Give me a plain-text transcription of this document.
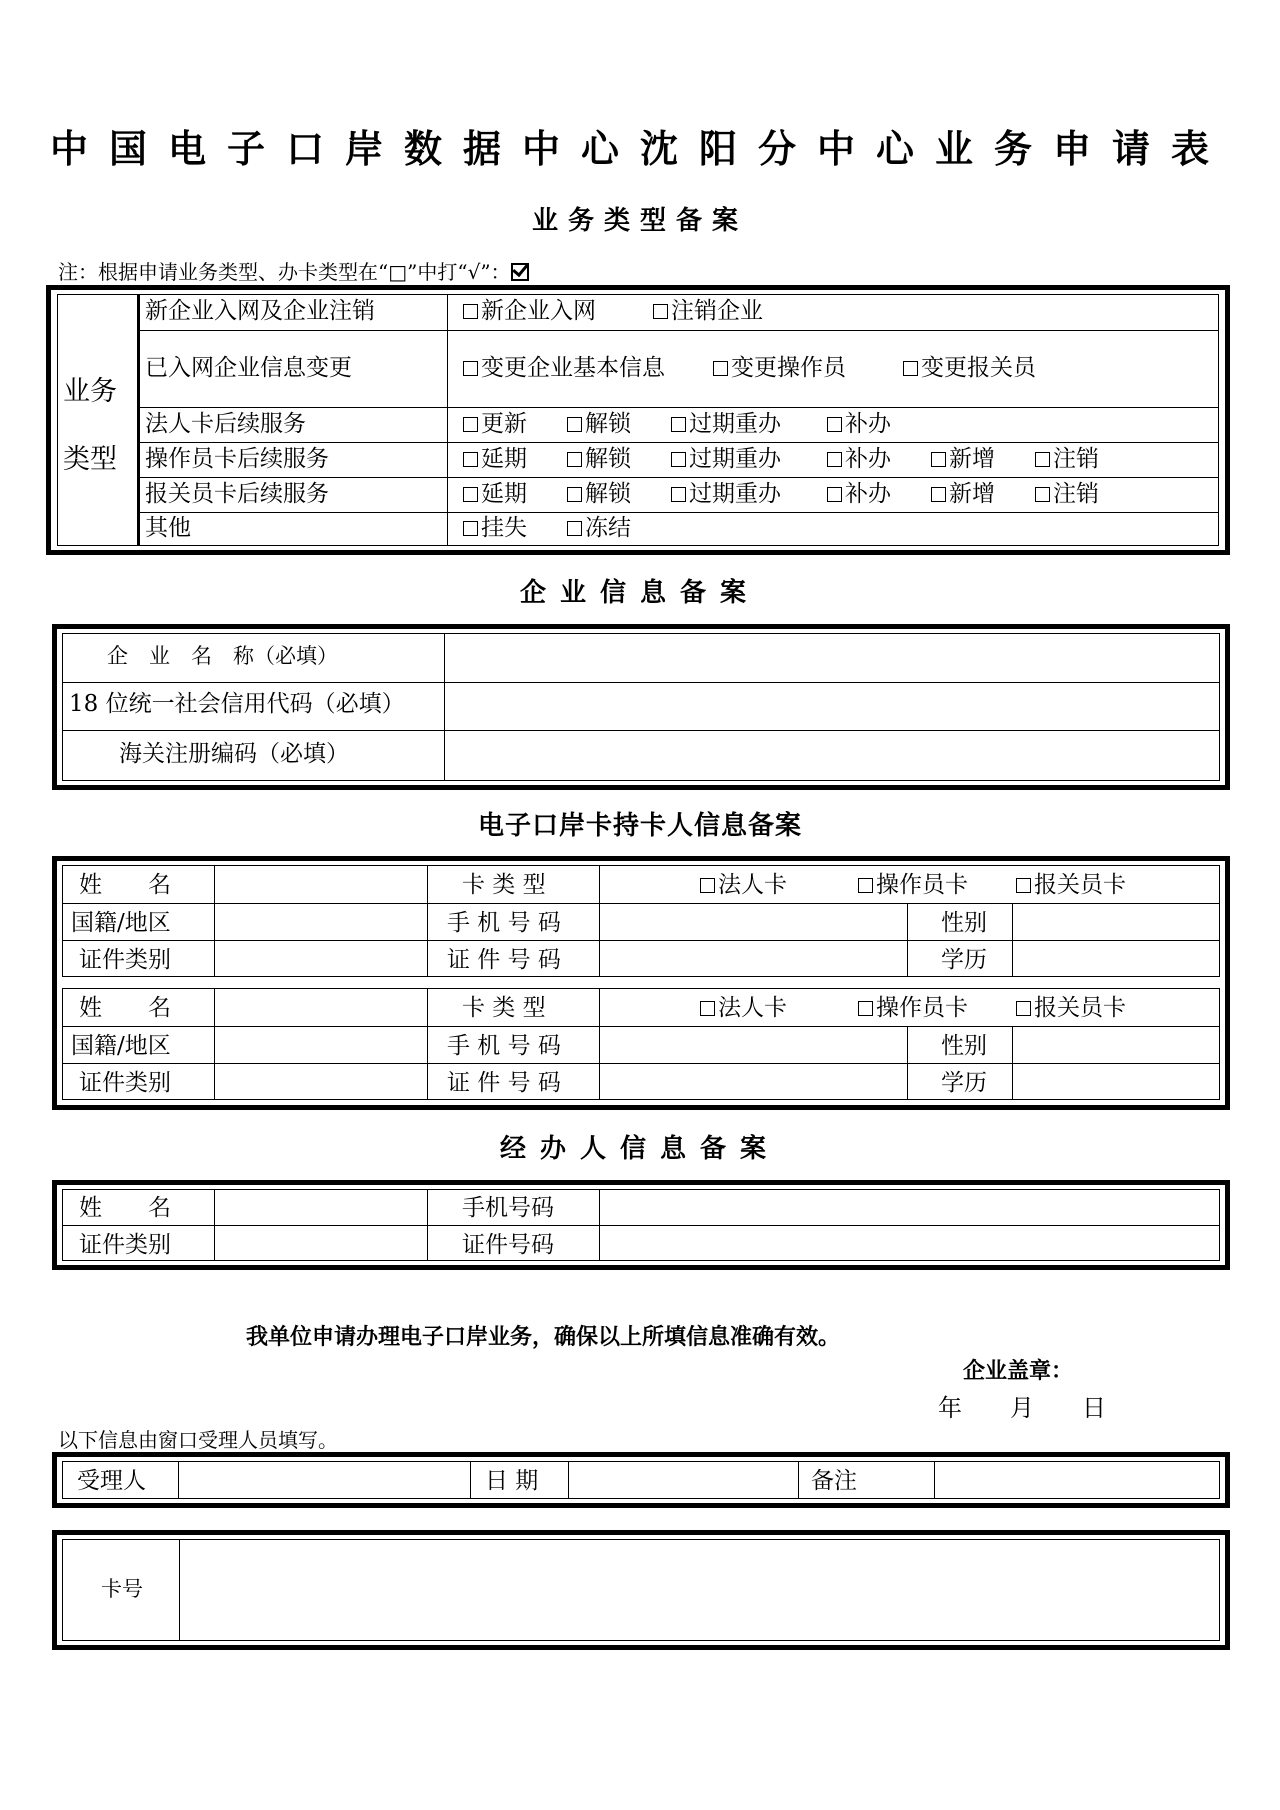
中国电子口岸数据中心沈阳分中心业务申请表
业务类型备案
注：根据申请业务类型、办卡类型在“□”中打“√”：
业务
类型
新企业入网及企业注销	新企业入网	注销企业
已入网企业信息变更	变更企业基本信息	变更操作员	变更报关员
法人卡后续服务	更新	解锁	过期重办	补办
操作员卡后续服务	延期	解锁	过期重办	补办	新增	注销
报关员卡后续服务	延期	解锁	过期重办	补办	新增	注销
其他	挂失	冻结
企业信息备案
企　业　名　称（必填）
18 位统一社会信用代码（必填）
海关注册编码（必填）
电子口岸卡持卡人信息备案
姓　　名	卡 类 型	法人卡	操作员卡	报关员卡
国籍/地区	手 机 号 码	性别
证件类别	证 件 号 码	学历
姓　　名	卡 类 型	法人卡	操作员卡	报关员卡
国籍/地区	手 机 号 码	性别
证件类别	证 件 号 码	学历
经办人信息备案
姓　　名	手机号码
证件类别	证件号码
我单位申请办理电子口岸业务，确保以上所填信息准确有效。
企业盖章：
年　　月　　日
以下信息由窗口受理人员填写。
受理人	日 期	备注
卡号
